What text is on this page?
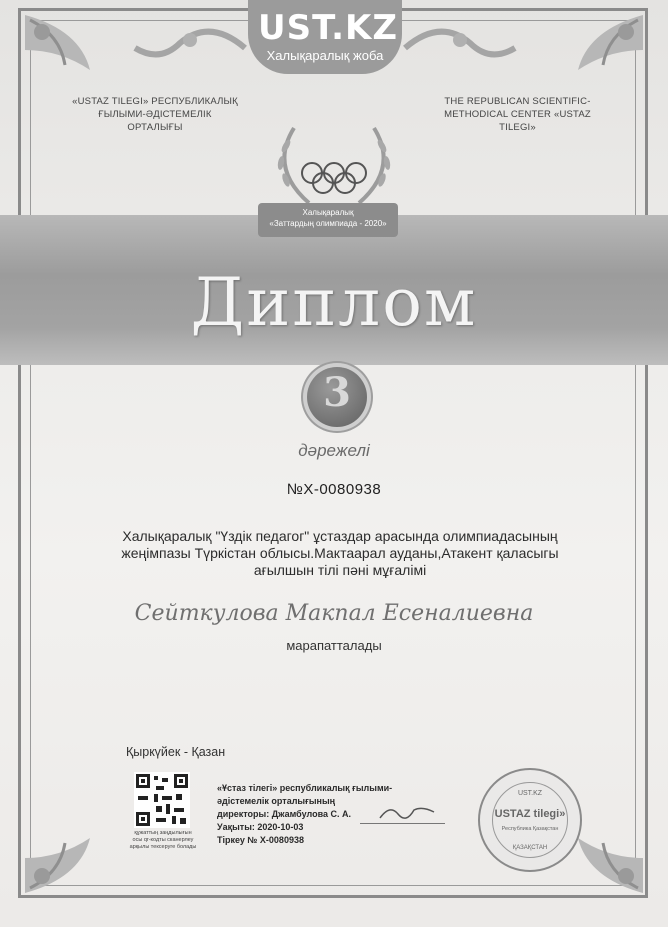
UST.KZ
Халықаралық жоба
«USTAZ TILEGI» РЕСПУБЛИКАЛЫҚ
ҒЫЛЫМИ-ӘДІСТЕМЕЛІК ОРТАЛЫҒЫ
THE REPUBLICAN SCIENTIFIC-
METHODICAL CENTER «USTAZ TILEGI»
Халықаралық
«Заттардың олимпиада - 2020»
Диплом
3
дәрежелі
№X-0080938
Халықаралық "Үздік педагог" ұстаздар арасында олимпиадасының
жеңімпазы Түркістан облысы.Мактаарал ауданы,Атакент қаласыгы
ағылшын тілі пәні мұғалімі
Сейткулова Макпал Есеналиевна
марапатталады
Қыркүйек - Қазан
құжаттың заңдылығын
осы qr-кодты сканерлеу
арқылы тексеруге болады
«Ұстаз тілегі» республикалық ғылыми-
әдістемелік орталығының
директоры: Джамбулова С. А.
Уақыты: 2020-10-03
Тіркеу № X-0080938
UST.KZ
USTAZ tilegi»
Республика Қазақстан
ҚАЗАҚСТАН
